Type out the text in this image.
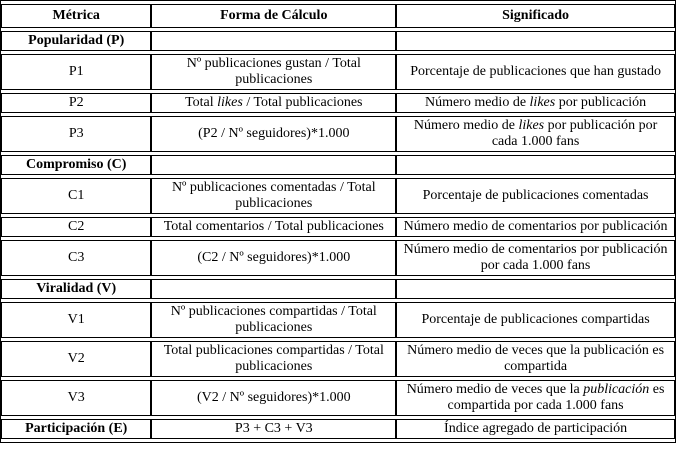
Métrica	Forma de Cálculo	Significado
Popularidad (P)		
P1	Nº publicaciones gustan / Total publicaciones	Porcentaje de publicaciones que han gustado
P2	Total likes / Total publicaciones	Número medio de likes por publicación
P3	(P2 / Nº seguidores)*1.000	Número medio de likes por publicación por cada 1.000 fans
Compromiso (C)		
C1	Nº publicaciones comentadas / Total publicaciones	Porcentaje de publicaciones comentadas
C2	Total comentarios / Total publicaciones	Número medio de comentarios por publicación
C3	(C2 / Nº seguidores)*1.000	Número medio de comentarios por publicación por cada 1.000 fans
Viralidad (V)		
V1	Nº publicaciones compartidas / Total publicaciones	Porcentaje de publicaciones compartidas
V2	Total publicaciones compartidas / Total publicaciones	Número medio de veces que la publicación es compartida
V3	(V2 / Nº seguidores)*1.000	Número medio de veces que la publicación es compartida por cada 1.000 fans
Participación (E)	P3 + C3 + V3	Índice agregado de participación
